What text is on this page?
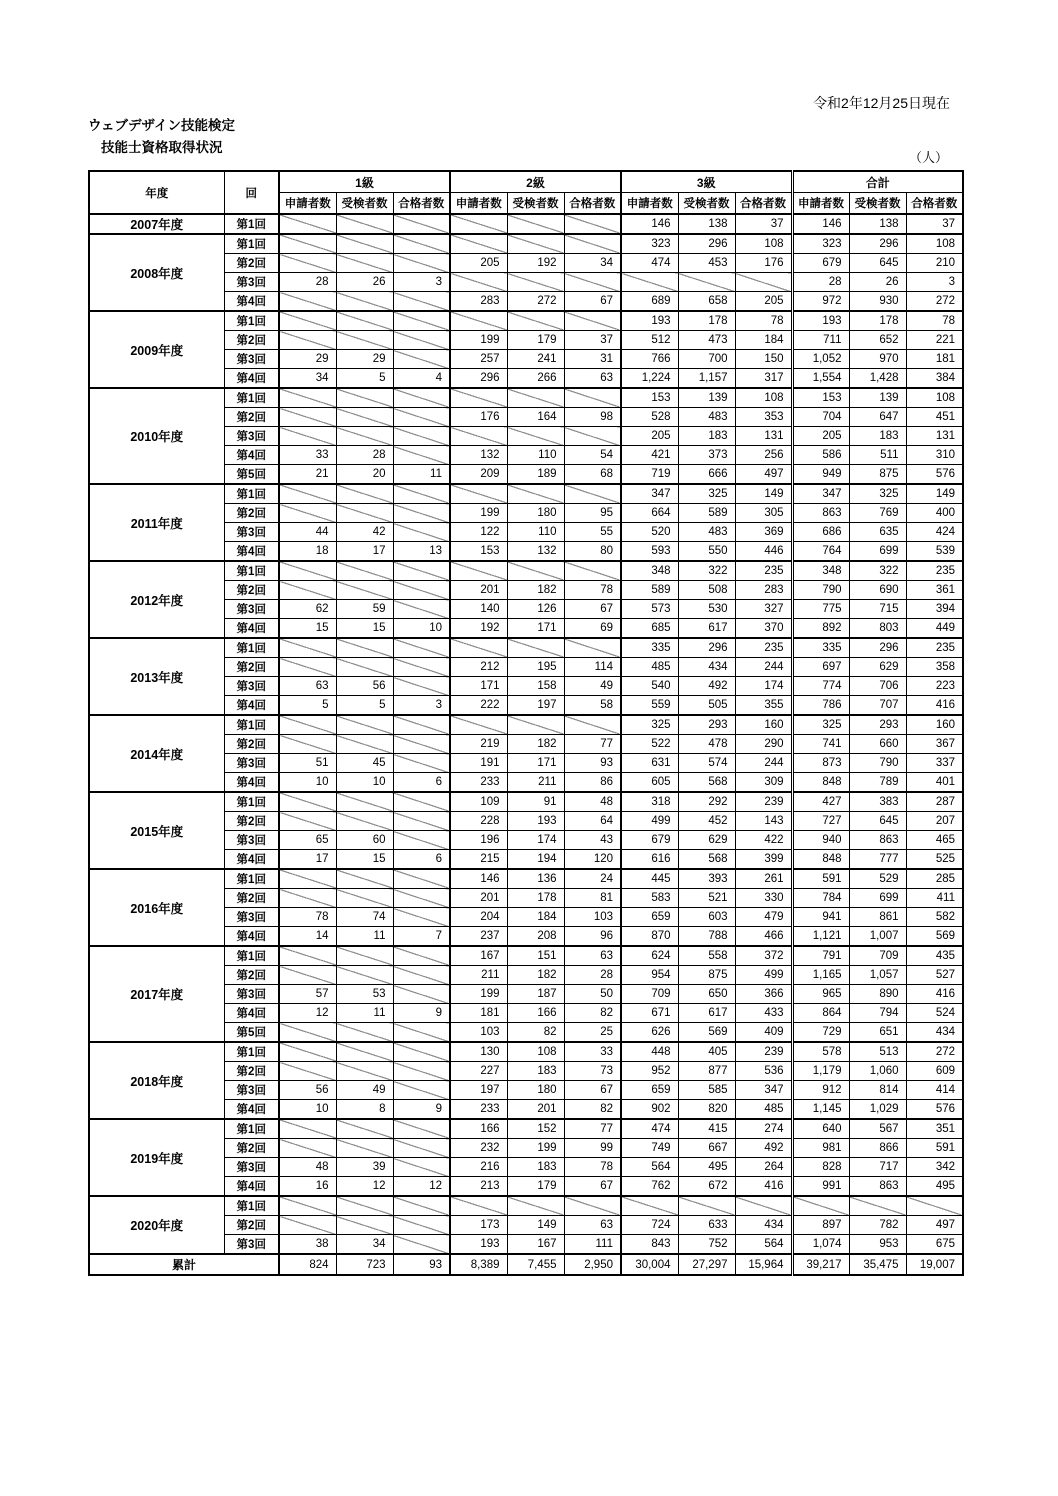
令和2年12月25日現在
ウェブデザイン技能検定
技能士資格取得状況
（人）
年度	回	1級			2級			3級			合計		
		申請者数	受検者数	合格者数	申請者数	受検者数	合格者数	申請者数	受検者数	合格者数	申請者数	受検者数	合格者数
2007年度	第1回							146	138	37	146	138	37
2008年度	第1回							323	296	108	323	296	108
	第2回				205	192	34	474	453	176	679	645	210
	第3回	28	26	3							28	26	3
	第4回				283	272	67	689	658	205	972	930	272
2009年度	第1回							193	178	78	193	178	78
	第2回				199	179	37	512	473	184	711	652	221
	第3回	29	29		257	241	31	766	700	150	1,052	970	181
	第4回	34	5	4	296	266	63	1,224	1,157	317	1,554	1,428	384
2010年度	第1回							153	139	108	153	139	108
	第2回				176	164	98	528	483	353	704	647	451
	第3回							205	183	131	205	183	131
	第4回	33	28		132	110	54	421	373	256	586	511	310
	第5回	21	20	11	209	189	68	719	666	497	949	875	576
2011年度	第1回							347	325	149	347	325	149
	第2回				199	180	95	664	589	305	863	769	400
	第3回	44	42		122	110	55	520	483	369	686	635	424
	第4回	18	17	13	153	132	80	593	550	446	764	699	539
2012年度	第1回							348	322	235	348	322	235
	第2回				201	182	78	589	508	283	790	690	361
	第3回	62	59		140	126	67	573	530	327	775	715	394
	第4回	15	15	10	192	171	69	685	617	370	892	803	449
2013年度	第1回							335	296	235	335	296	235
	第2回				212	195	114	485	434	244	697	629	358
	第3回	63	56		171	158	49	540	492	174	774	706	223
	第4回	5	5	3	222	197	58	559	505	355	786	707	416
2014年度	第1回							325	293	160	325	293	160
	第2回				219	182	77	522	478	290	741	660	367
	第3回	51	45		191	171	93	631	574	244	873	790	337
	第4回	10	10	6	233	211	86	605	568	309	848	789	401
2015年度	第1回				109	91	48	318	292	239	427	383	287
	第2回				228	193	64	499	452	143	727	645	207
	第3回	65	60		196	174	43	679	629	422	940	863	465
	第4回	17	15	6	215	194	120	616	568	399	848	777	525
2016年度	第1回				146	136	24	445	393	261	591	529	285
	第2回				201	178	81	583	521	330	784	699	411
	第3回	78	74		204	184	103	659	603	479	941	861	582
	第4回	14	11	7	237	208	96	870	788	466	1,121	1,007	569
2017年度	第1回				167	151	63	624	558	372	791	709	435
	第2回				211	182	28	954	875	499	1,165	1,057	527
	第3回	57	53		199	187	50	709	650	366	965	890	416
	第4回	12	11	9	181	166	82	671	617	433	864	794	524
	第5回				103	82	25	626	569	409	729	651	434
2018年度	第1回				130	108	33	448	405	239	578	513	272
	第2回				227	183	73	952	877	536	1,179	1,060	609
	第3回	56	49		197	180	67	659	585	347	912	814	414
	第4回	10	8	9	233	201	82	902	820	485	1,145	1,029	576
2019年度	第1回				166	152	77	474	415	274	640	567	351
	第2回				232	199	99	749	667	492	981	866	591
	第3回	48	39		216	183	78	564	495	264	828	717	342
	第4回	16	12	12	213	179	67	762	672	416	991	863	495
2020年度	第1回												
	第2回				173	149	63	724	633	434	897	782	497
	第3回	38	34		193	167	111	843	752	564	1,074	953	675
累計		824	723	93	8,389	7,455	2,950	30,004	27,297	15,964	39,217	35,475	19,007
